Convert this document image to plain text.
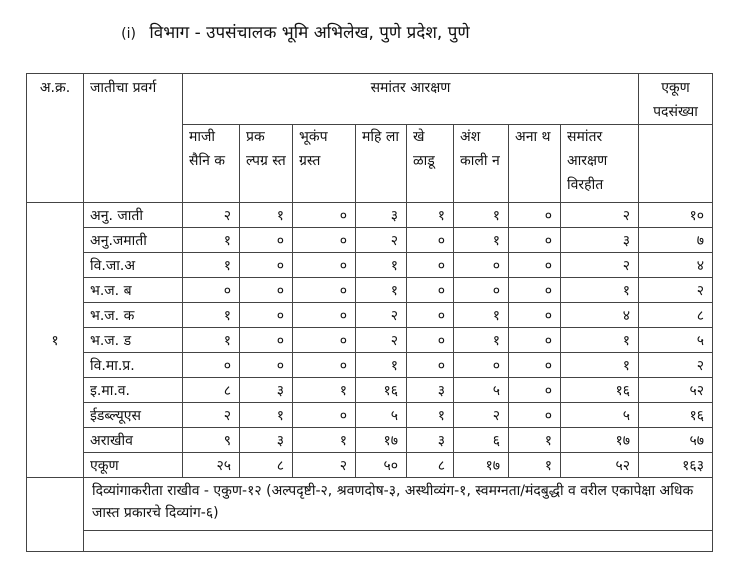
(i) विभाग - उपसंचालक भूमि अभिलेख, पुणे प्रदेश, पुणे
अ.क्र.	जातीचा प्रवर्ग	समांतर आरक्षण								एकूण पदसंख्या
		माजी सैनि क	प्रक ल्पग्र स्त	भूकंप ग्रस्त	महि ला	खे ळाडू	अंश काली न	अना थ	समांतर आरक्षण विरहीत	
१	अनु. जाती	२	१	०	३	१	१	०	२	१०
	अनु.जमाती	१	०	०	२	०	१	०	३	७
	वि.जा.अ	१	०	०	१	०	०	०	२	४
	भ.ज. ब	०	०	०	१	०	०	०	१	२
	भ.ज. क	१	०	०	२	०	१	०	४	८
	भ.ज. ड	१	०	०	२	०	१	०	१	५
	वि.मा.प्र.	०	०	०	१	०	०	०	१	२
	इ.मा.व.	८	३	१	१६	३	५	०	१६	५२
	ईडब्ल्यूएस	२	१	०	५	१	२	०	५	१६
	अराखीव	९	३	१	१७	३	६	१	१७	५७
	एकूण	२५	८	२	५०	८	१७	१	५२	१६३
	दिव्यांगाकरीता राखीव - एकुण-१२ (अल्पदृष्टी-२, श्रवणदोष-३, अस्थीव्यंग-१, स्वमग्नता/मंदबुद्धी व वरील एकापेक्षा अधिक जास्त प्रकारचे दिव्यांग-६)									
